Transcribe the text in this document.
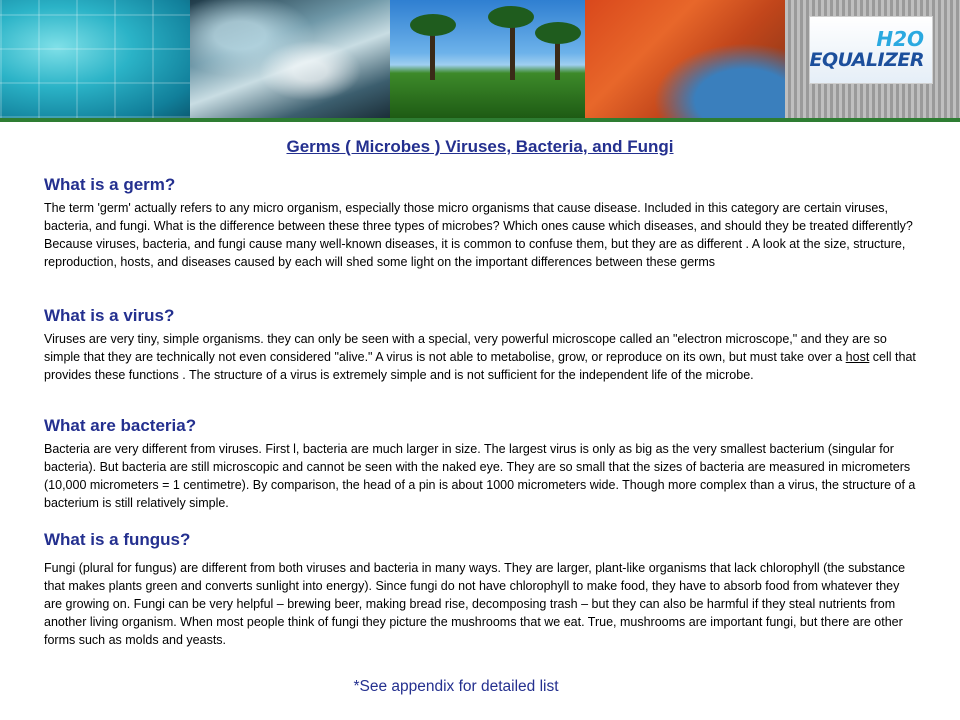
H2O
EQUALIZER
Germs ( Microbes ) Viruses, Bacteria, and Fungi
What is a germ?
The term 'germ' actually refers to any micro organism, especially those micro organisms that cause disease. Included in this category are certain viruses, bacteria, and fungi. What is the difference between these three types of microbes? Which ones cause which diseases, and should they be treated differently? Because viruses, bacteria, and fungi cause many well-known diseases, it is common to confuse them, but they are as different . A look at the size, structure, reproduction, hosts, and diseases caused by each will shed some light on the important differences between these germs
What is a virus?
Viruses are very tiny, simple organisms. they can only be seen with a special, very powerful microscope called an "electron microscope," and they are so simple that they are technically not even considered "alive." A virus is not able to metabolise, grow, or reproduce on its own, but must take over a host cell that provides these functions . The structure of a virus is extremely simple and is not sufficient for the independent life of the microbe.
What are bacteria?
Bacteria are very different from viruses. First l, bacteria are much larger in size. The largest virus is only as big as the very smallest bacterium (singular for bacteria). But bacteria are still microscopic and cannot be seen with the naked eye. They are so small that the sizes of bacteria are measured in micrometers (10,000 micrometers = 1 centimetre). By comparison, the head of a pin is about 1000 micrometers wide. Though more complex than a virus, the structure of a bacterium is still relatively simple.
What is a fungus?
Fungi (plural for fungus) are different from both viruses and bacteria in many ways. They are larger, plant-like organisms that lack chlorophyll (the substance that makes plants green and converts sunlight into energy). Since fungi do not have chlorophyll to make food, they have to absorb food from whatever they are growing on. Fungi can be very helpful – brewing beer, making bread rise, decomposing trash – but they can also be harmful if they steal nutrients from another living organism. When most people think of fungi they picture the mushrooms that we eat. True, mushrooms are important fungi, but there are other forms such as molds and yeasts.
*See appendix for detailed list
